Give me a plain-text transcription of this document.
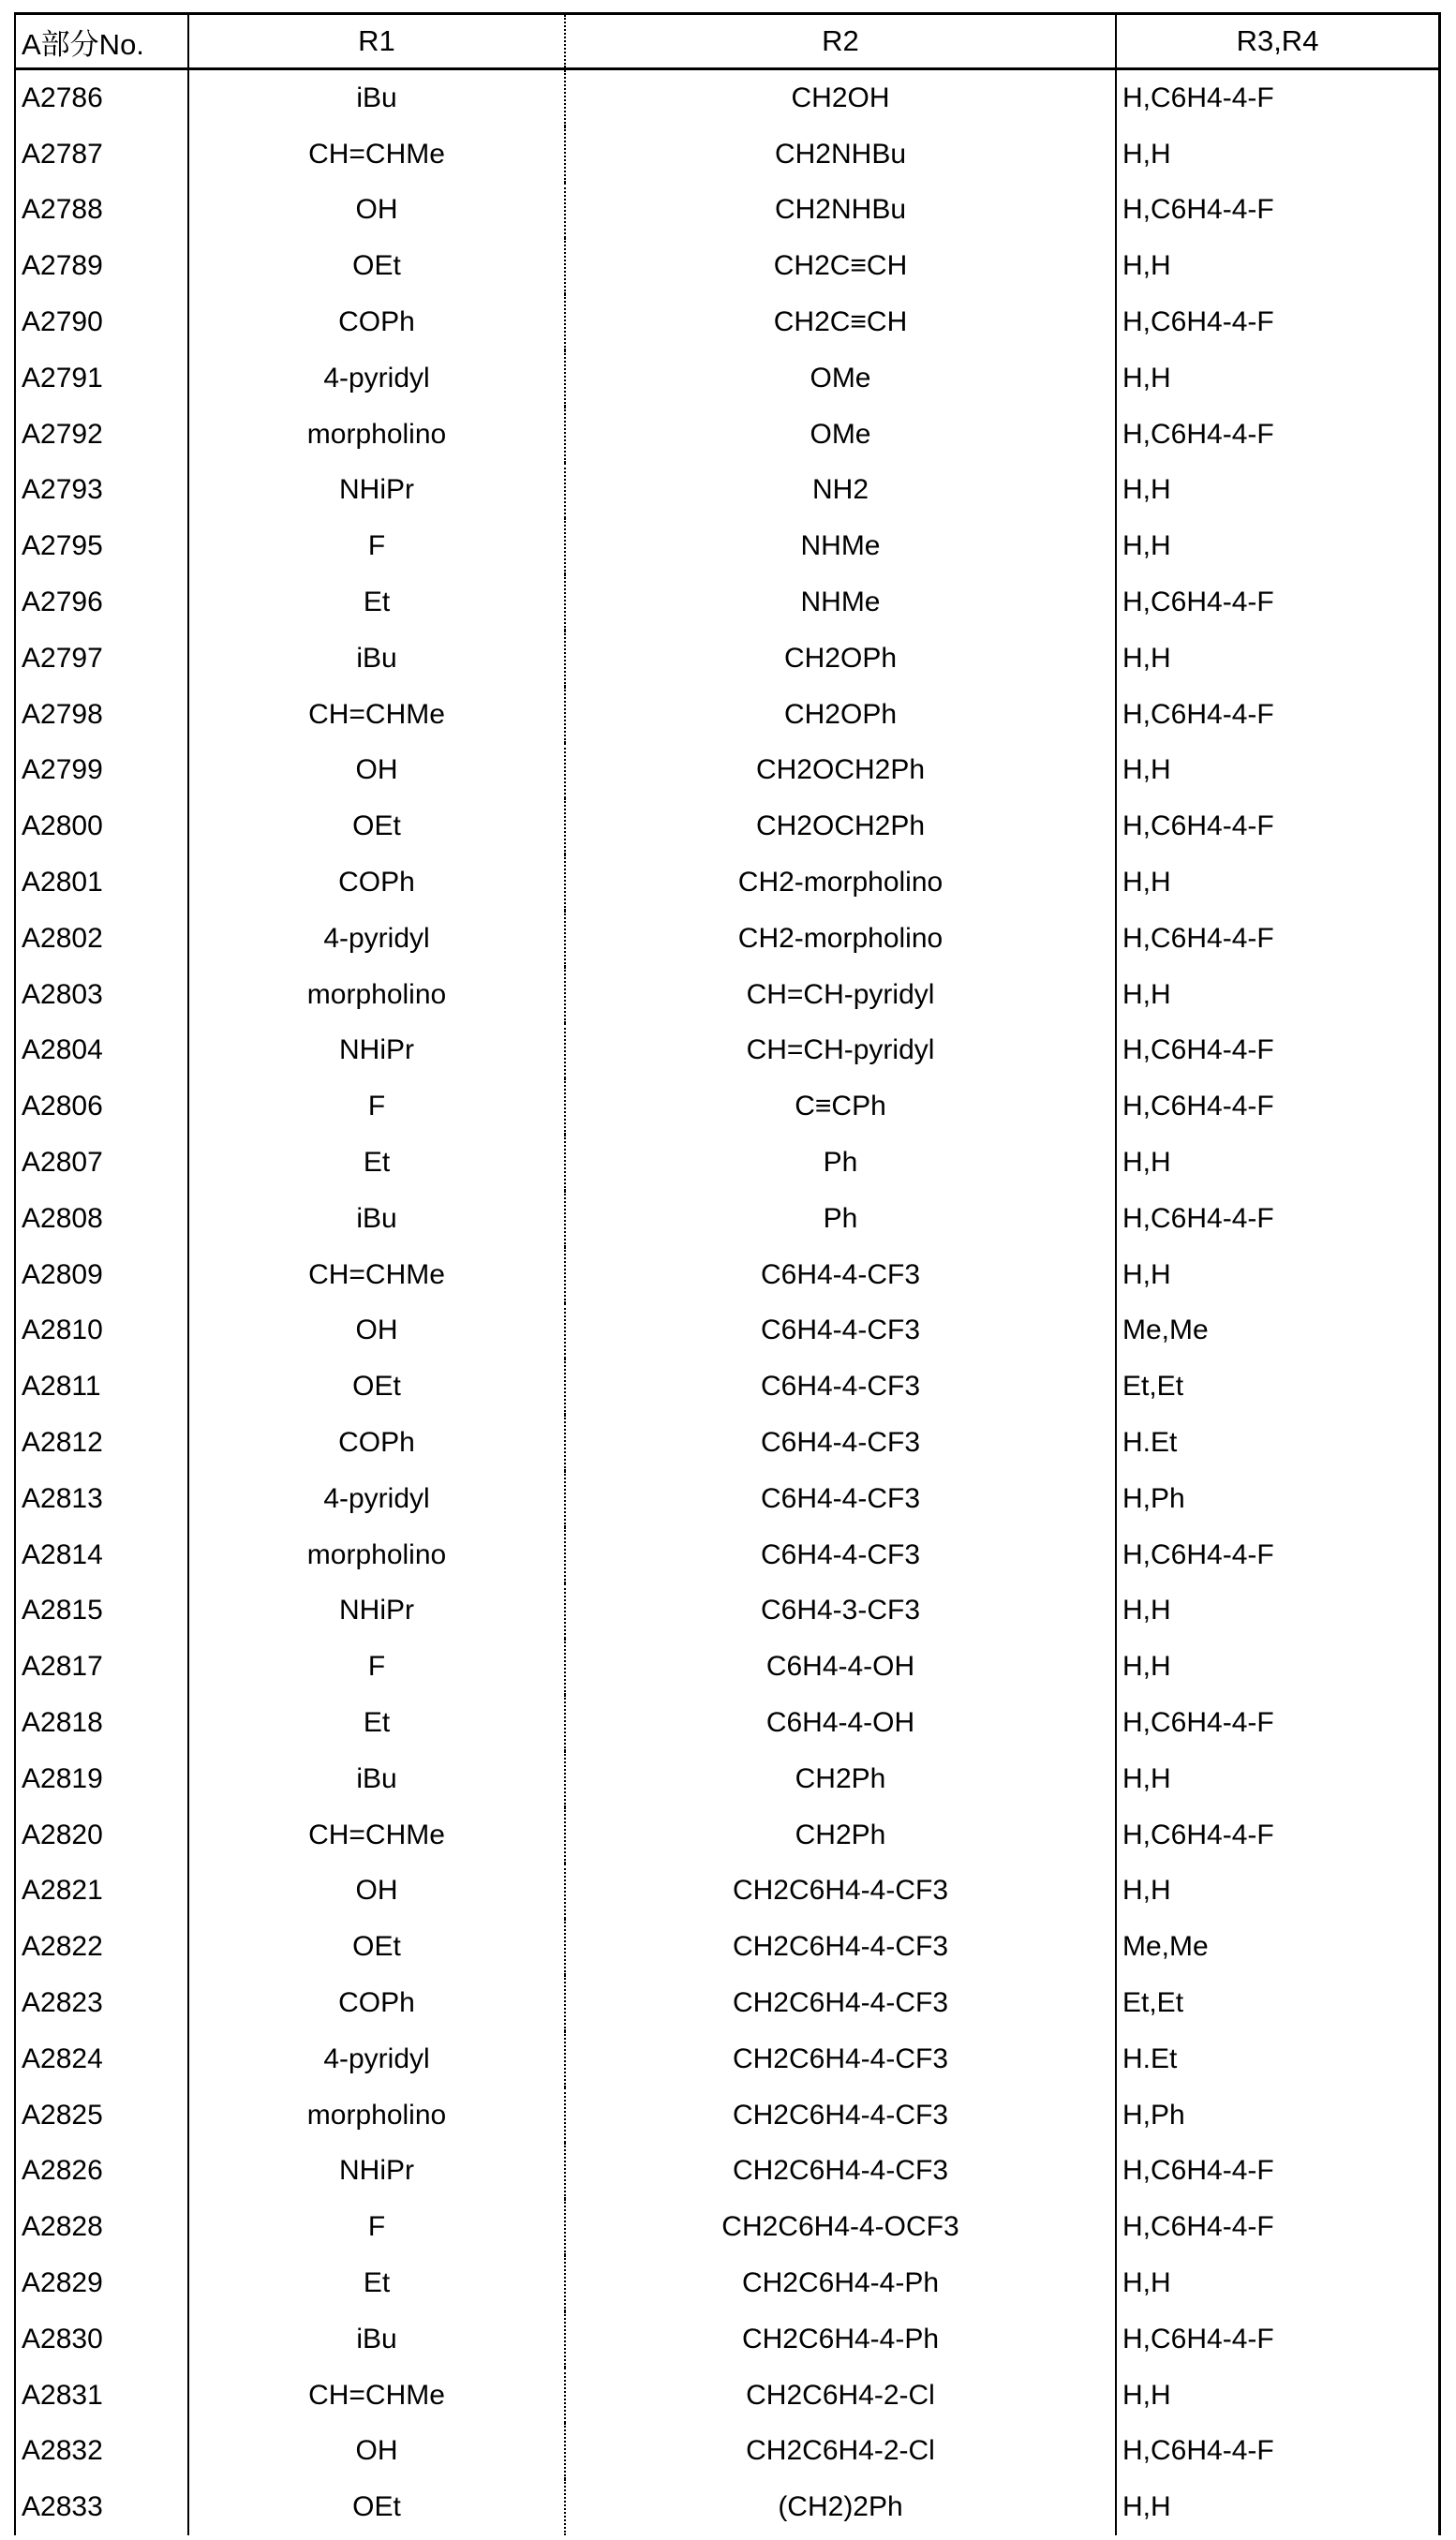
A部分No.	R1	R2	R3,R4
A2786	iBu	CH2OH	H,C6H4-4-F
A2787	CH=CHMe	CH2NHBu	H,H
A2788	OH	CH2NHBu	H,C6H4-4-F
A2789	OEt	CH2C≡CH	H,H
A2790	COPh	CH2C≡CH	H,C6H4-4-F
A2791	4-pyridyl	OMe	H,H
A2792	morpholino	OMe	H,C6H4-4-F
A2793	NHiPr	NH2	H,H
A2795	F	NHMe	H,H
A2796	Et	NHMe	H,C6H4-4-F
A2797	iBu	CH2OPh	H,H
A2798	CH=CHMe	CH2OPh	H,C6H4-4-F
A2799	OH	CH2OCH2Ph	H,H
A2800	OEt	CH2OCH2Ph	H,C6H4-4-F
A2801	COPh	CH2-morpholino	H,H
A2802	4-pyridyl	CH2-morpholino	H,C6H4-4-F
A2803	morpholino	CH=CH-pyridyl	H,H
A2804	NHiPr	CH=CH-pyridyl	H,C6H4-4-F
A2806	F	C≡CPh	H,C6H4-4-F
A2807	Et	Ph	H,H
A2808	iBu	Ph	H,C6H4-4-F
A2809	CH=CHMe	C6H4-4-CF3	H,H
A2810	OH	C6H4-4-CF3	Me,Me
A2811	OEt	C6H4-4-CF3	Et,Et
A2812	COPh	C6H4-4-CF3	H.Et
A2813	4-pyridyl	C6H4-4-CF3	H,Ph
A2814	morpholino	C6H4-4-CF3	H,C6H4-4-F
A2815	NHiPr	C6H4-3-CF3	H,H
A2817	F	C6H4-4-OH	H,H
A2818	Et	C6H4-4-OH	H,C6H4-4-F
A2819	iBu	CH2Ph	H,H
A2820	CH=CHMe	CH2Ph	H,C6H4-4-F
A2821	OH	CH2C6H4-4-CF3	H,H
A2822	OEt	CH2C6H4-4-CF3	Me,Me
A2823	COPh	CH2C6H4-4-CF3	Et,Et
A2824	4-pyridyl	CH2C6H4-4-CF3	H.Et
A2825	morpholino	CH2C6H4-4-CF3	H,Ph
A2826	NHiPr	CH2C6H4-4-CF3	H,C6H4-4-F
A2828	F	CH2C6H4-4-OCF3	H,C6H4-4-F
A2829	Et	CH2C6H4-4-Ph	H,H
A2830	iBu	CH2C6H4-4-Ph	H,C6H4-4-F
A2831	CH=CHMe	CH2C6H4-2-Cl	H,H
A2832	OH	CH2C6H4-2-Cl	H,C6H4-4-F
A2833	OEt	(CH2)2Ph	H,H
